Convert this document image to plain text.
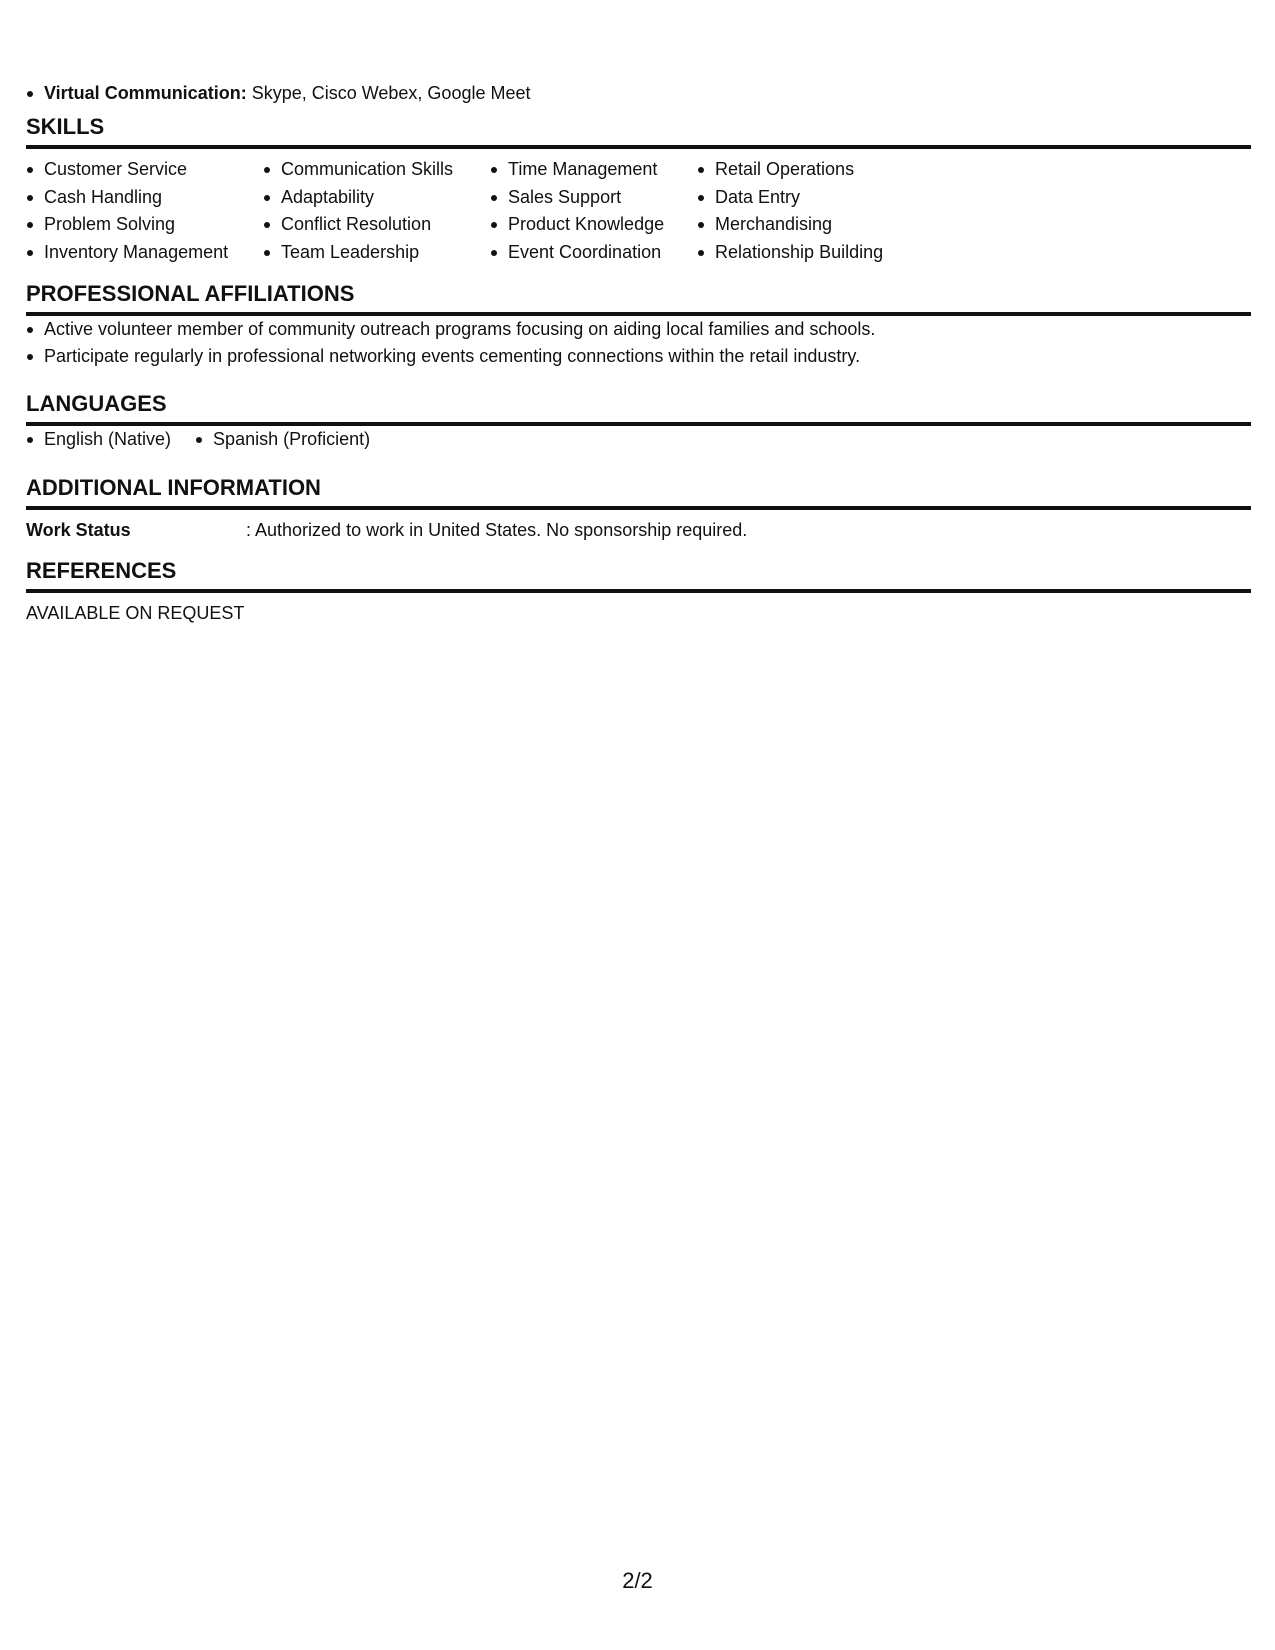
Virtual Communication: Skype, Cisco Webex, Google Meet
SKILLS
Customer Service
Cash Handling
Problem Solving
Inventory Management
Communication Skills
Adaptability
Conflict Resolution
Team Leadership
Time Management
Sales Support
Product Knowledge
Event Coordination
Retail Operations
Data Entry
Merchandising
Relationship Building
PROFESSIONAL AFFILIATIONS
Active volunteer member of community outreach programs focusing on aiding local families and schools.
Participate regularly in professional networking events cementing connections within the retail industry.
LANGUAGES
English (Native)	Spanish (Proficient)
ADDITIONAL INFORMATION
Work Status	: Authorized to work in United States. No sponsorship required.
REFERENCES
AVAILABLE ON REQUEST
2/2
